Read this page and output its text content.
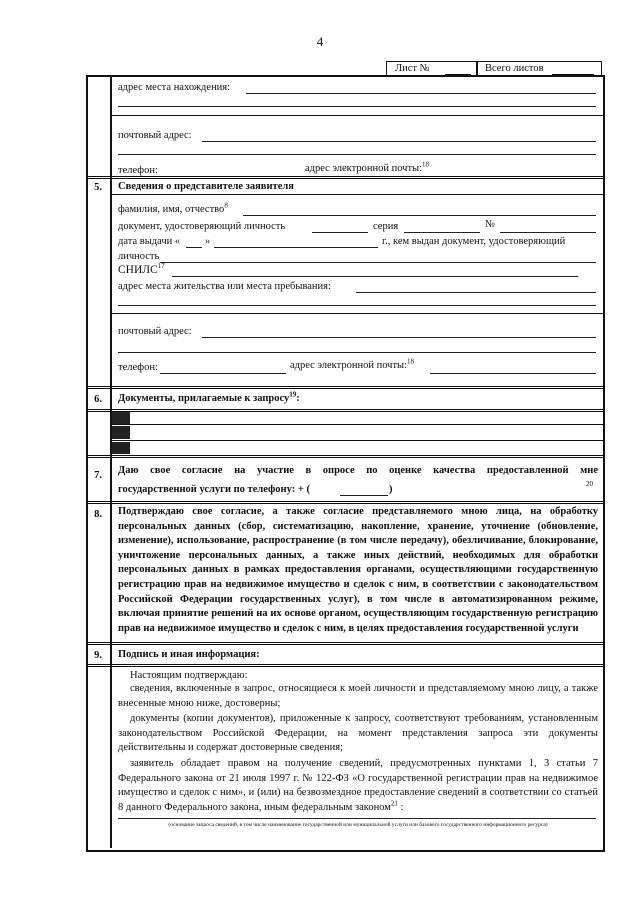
4
Лист №	Всего листов
адрес места нахождения:
почтовый адрес:
телефон:	адрес электронной почты:$^{18}$
5.	Сведения о представителе заявителя
фамилия, имя, отчество$^8$
документ, удостоверяющий личность	серия	№
дата выдачи « »	г., кем выдан документ, удостоверяющий
личность
СНИЛС$^{17}$
адрес места жительства или места пребывания:
почтовый адрес:
телефон:	адрес электронной почты:$^{18}$
6.	Документы, прилагаемые к запросу$^{19}$:
7.	Даю свое согласие на участие в опросе по оценке качества предоставленной мне
государственной услуги по телефону: + (	)	20
8.	Подтверждаю свое согласие, а также согласие представляемого мною лица, на обработку персональных данных (сбор, систематизацию, накопление, хранение, уточнение (обновление, изменение), использование, распространение (в том числе передачу), обезличивание, блокирование, уничтожение персональных данных, а также иных действий, необходимых для обработки персональных данных в рамках предоставления органами, осуществляющими государственную регистрацию прав на недвижимое имущество и сделок с ним, в соответствии с законодательством Российской Федерации государственных услуг), в том числе в автоматизированном режиме, включая принятие решений на их основе органом, осуществляющим государственную регистрацию прав на недвижимое имущество и сделок с ним, в целях предоставления государственной услуги
9.	Подпись и иная информация:
Настоящим подтверждаю:
сведения, включенные в запрос, относящиеся к моей личности и представляемому мною лицу, а также внесенные мною ниже, достоверны;
документы (копии документов), приложенные к запросу, соответствуют требованиям, установленным законодательством Российской Федерации, на момент представления запроса эти документы действительны и содержат достоверные сведения;
заявитель обладает правом на получение сведений, предусмотренных пунктами 1, 3 статьи 7 Федерального закона от 21 июля 1997 г. № 122-ФЗ «О государственной регистрации прав на недвижимое имущество и сделок с ним», и (или) на безвозмездное предоставление сведений в соответствии со статьей 8 данного Федерального закона, иным федеральным законом$^{21}$ :
(основание запроса сведений, в том числе наименование государственной или муниципальной услуги или базового государственного информационного ресурса)
